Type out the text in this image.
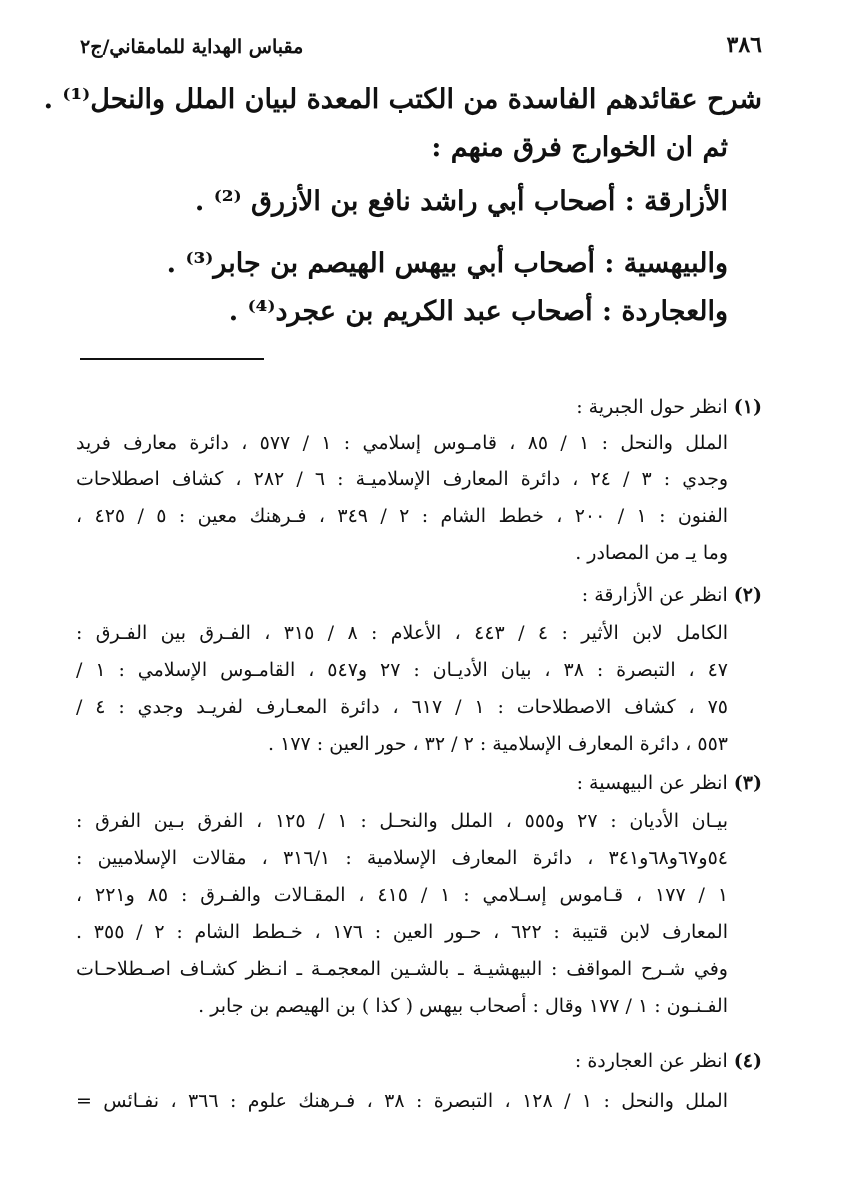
٣٨٦
مقباس الهداية للمامقاني/ج٢
شرح عقائدهم الفاسدة من الكتب المعدة لبيان الملل والنحل⁽¹⁾ .
ثم ان الخوارج فرق منهم :
الأزارقة : أصحاب أبي راشد نافع بن الأزرق ⁽²⁾ .
والبيهسية : أصحاب أبي بيهس الهيصم بن جابر⁽³⁾ .
والعجاردة : أصحاب عبد الكريم بن عجرد⁽⁴⁾ .
(١) انظر حول الجبرية :
الملل والنحل : ١ / ٨٥ ، قامـوس إسلامي : ١ / ٥٧٧ ، دائرة معارف فريد
وجدي : ٣ / ٢٤ ، دائرة المعارف الإسلاميـة : ٦ / ٢٨٢ ، كشاف اصطلاحات
الفنون : ١ / ٢٠٠ ، خطط الشام : ٢ / ٣٤٩ ، فـرهنك معين : ٥ / ٤٢٥ ،
وما يـ من المصادر .
(٢) انظر عن الأزارقة :
الكامل لابن الأثير : ٤ / ٤٤٣ ، الأعلام : ٨ / ٣١٥ ، الفـرق بين الفـرق :
٤٧ ، التبصرة : ٣٨ ، بيان الأديـان : ٢٧ و٥٤٧ ، القامـوس الإسلامي : ١ /
٧٥ ، كشاف الاصطلاحات : ١ / ٦١٧ ، دائرة المعـارف لفريـد وجدي : ٤ /
٥٥٣ ، دائرة المعارف الإسلامية : ٢ / ٣٢ ، حور العين : ١٧٧ .
(٣) انظر عن البيهسية :
بيـان الأديان : ٢٧ و٥٥٥ ، الملل والنحـل : ١ / ١٢٥ ، الفرق بـين الفرق :
٥٤و٦٧و٦٨و٣٤١ ، دائرة المعارف الإسلامية : ٣١٦/١ ، مقالات الإسلاميين :
١ / ١٧٧ ، قـاموس إسـلامي : ١ / ٤١٥ ، المقـالات والفـرق : ٨٥ و٢٢١ ،
المعارف لابن قتيبة : ٦٢٢ ، حـور العين : ١٧٦ ، خـطط الشام : ٢ / ٣٥٥ .
وفي شـرح المواقف : البيهشيـة ـ بالشـين المعجمـة ـ انـظر كشـاف اصـطلاحـات
الفـنـون : ١ / ١٧٧ وقال : أصحاب بيهس ( كذا ) بن الهيصم بن جابر .
(٤) انظر عن العجاردة :
الملل والنحل : ١ / ١٢٨ ، التبصرة : ٣٨ ، فـرهنك علوم : ٣٦٦ ، نفـائس =
